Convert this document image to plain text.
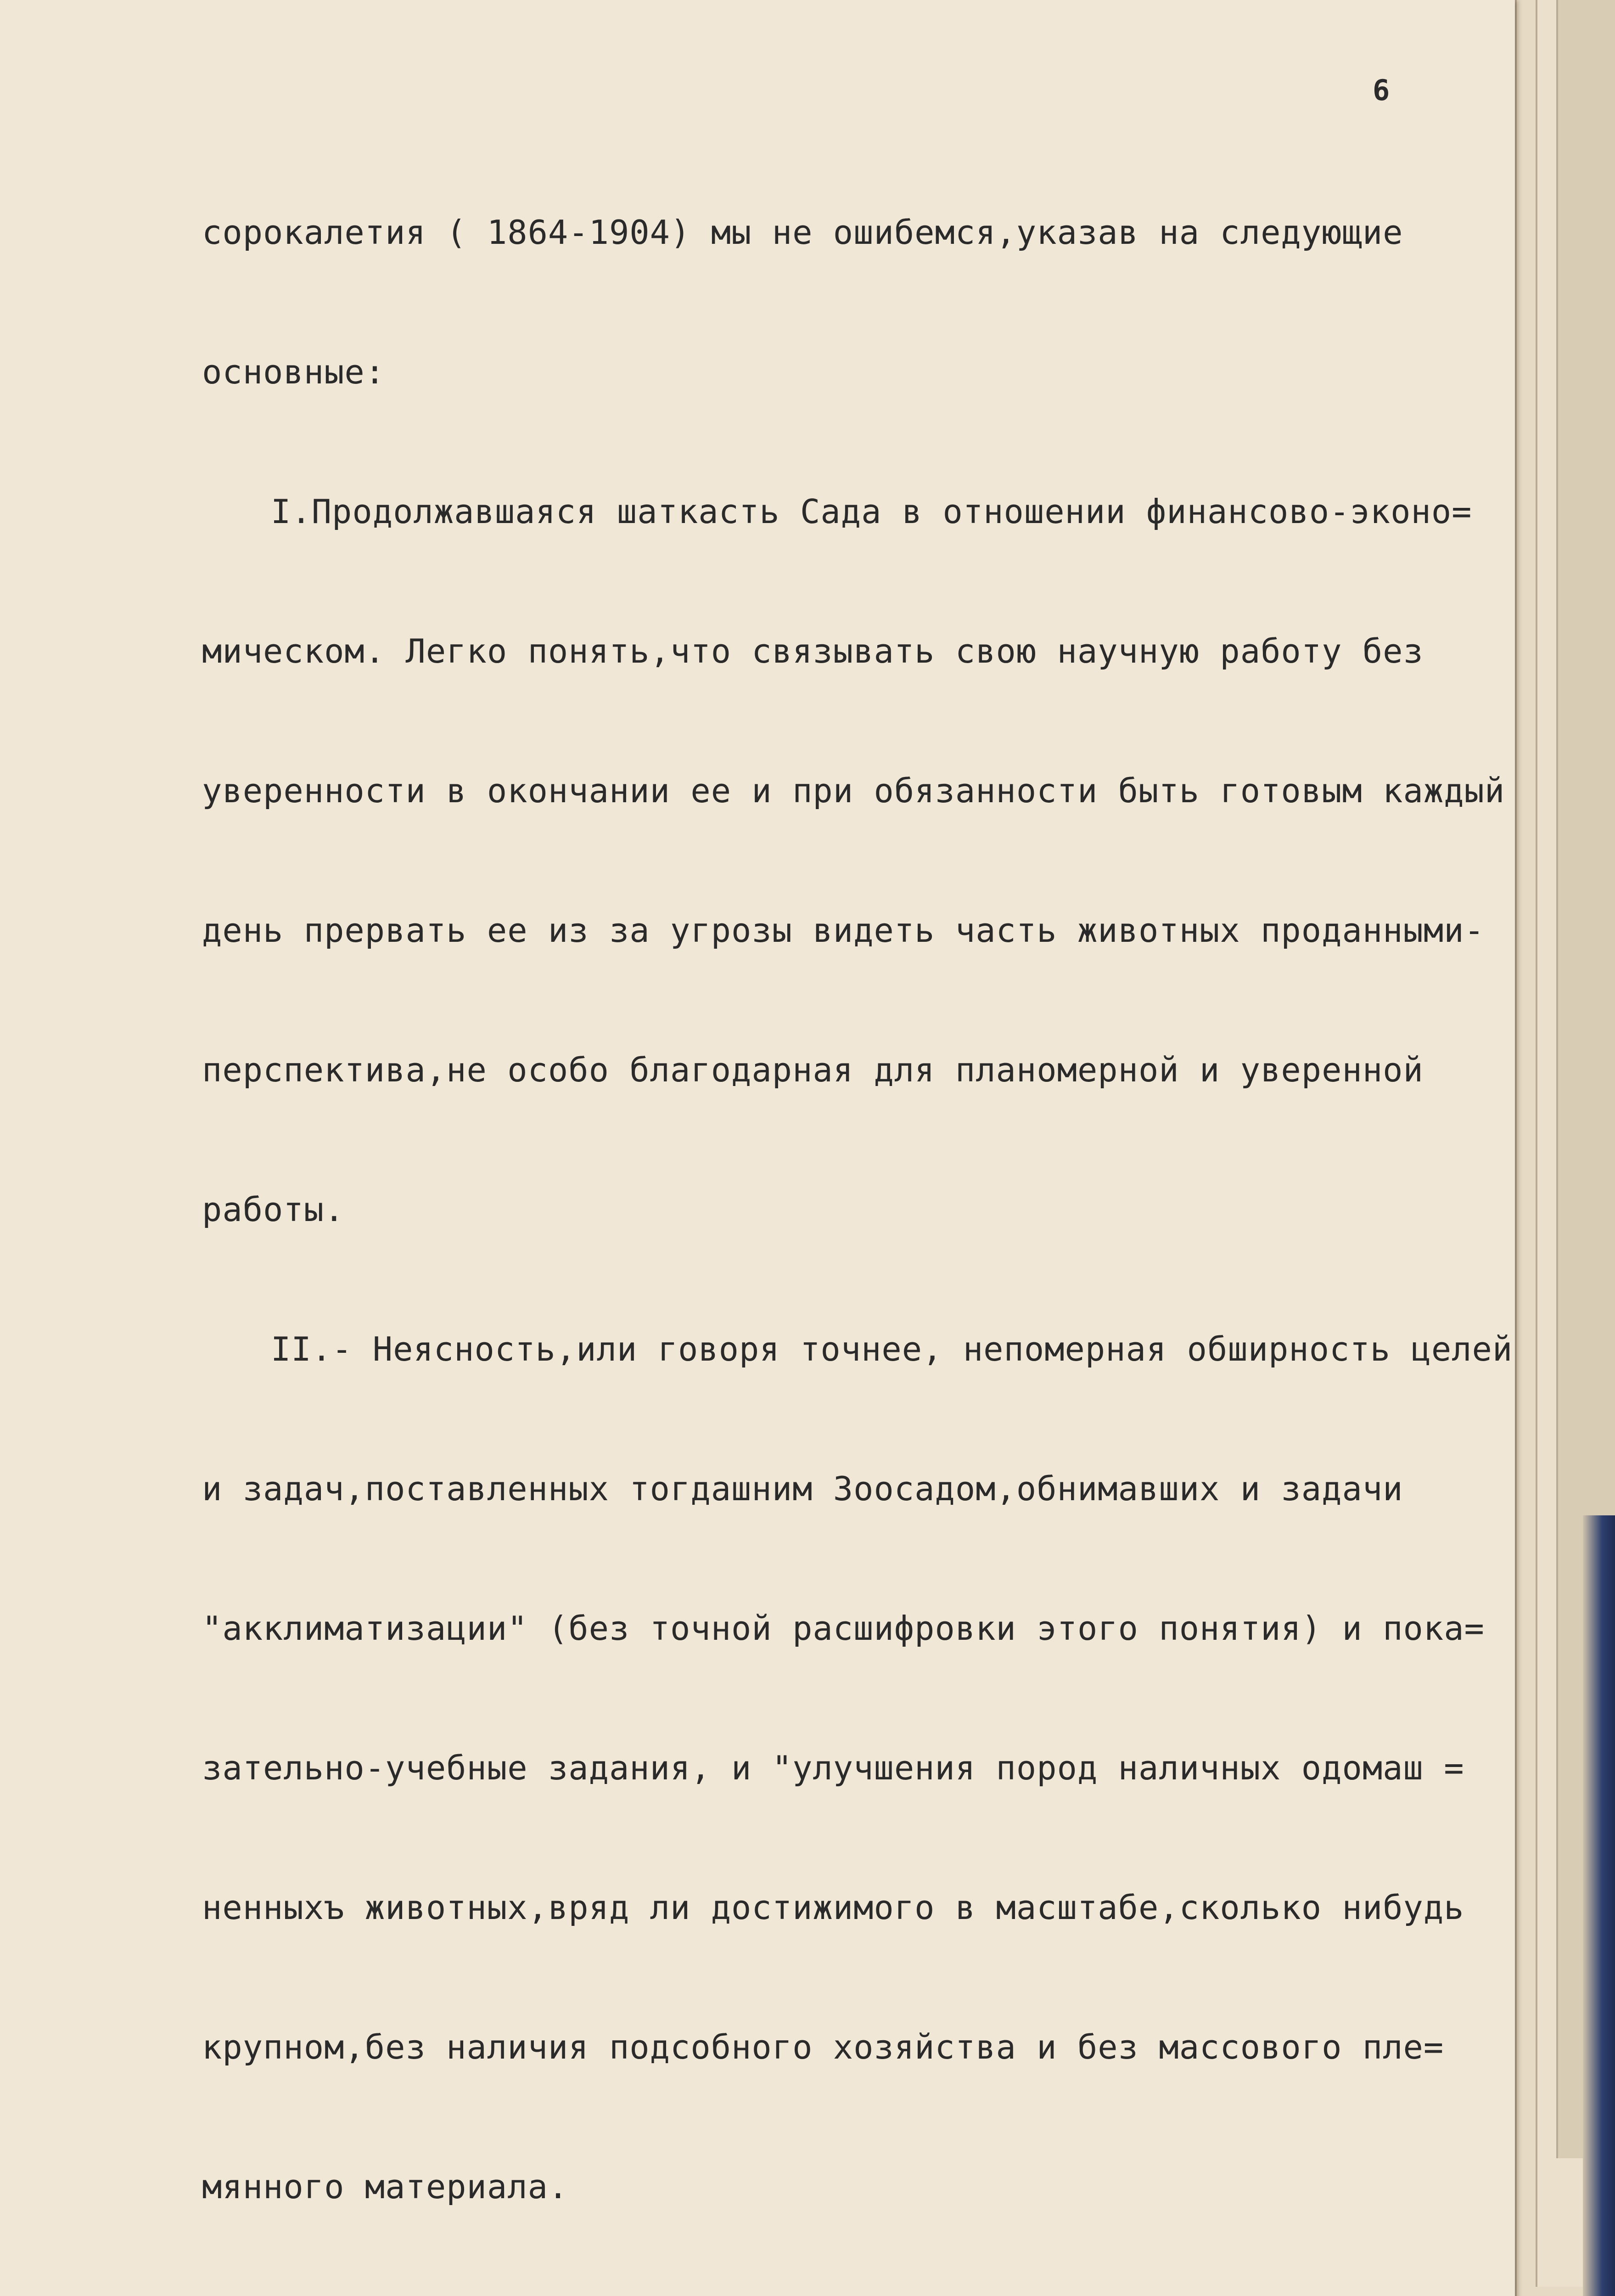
6

сорокалетия ( 1864-1904) мы не ошибемся,указав на следующие

основные:

I.Продолжавшаяся шаткасть Сада в отношении финансово-эконо=

мическом. Легко понять,что связывать свою научную работу без

уверенности в окончании ее и при обязанности быть готовым каждый

день прервать ее из за угрозы видеть часть животных проданными-

перспектива,не особо благодарная для планомерной и уверенной

работы.

II.- Неясность,или говоря точнее, непомерная обширность целей

и задач,поставленных тогдашним Зоосадом,обнимавших и задачи

"акклиматизации" (без точной расшифровки этого понятия) и пока=

зательно-учебные задания, и "улучшения пород наличных одомаш =

ненныхъ животных,вряд ли достижимого в масштабе,сколько нибудь

крупном,без наличия подсобного хозяйства и без массового пле=

мянного материала.
